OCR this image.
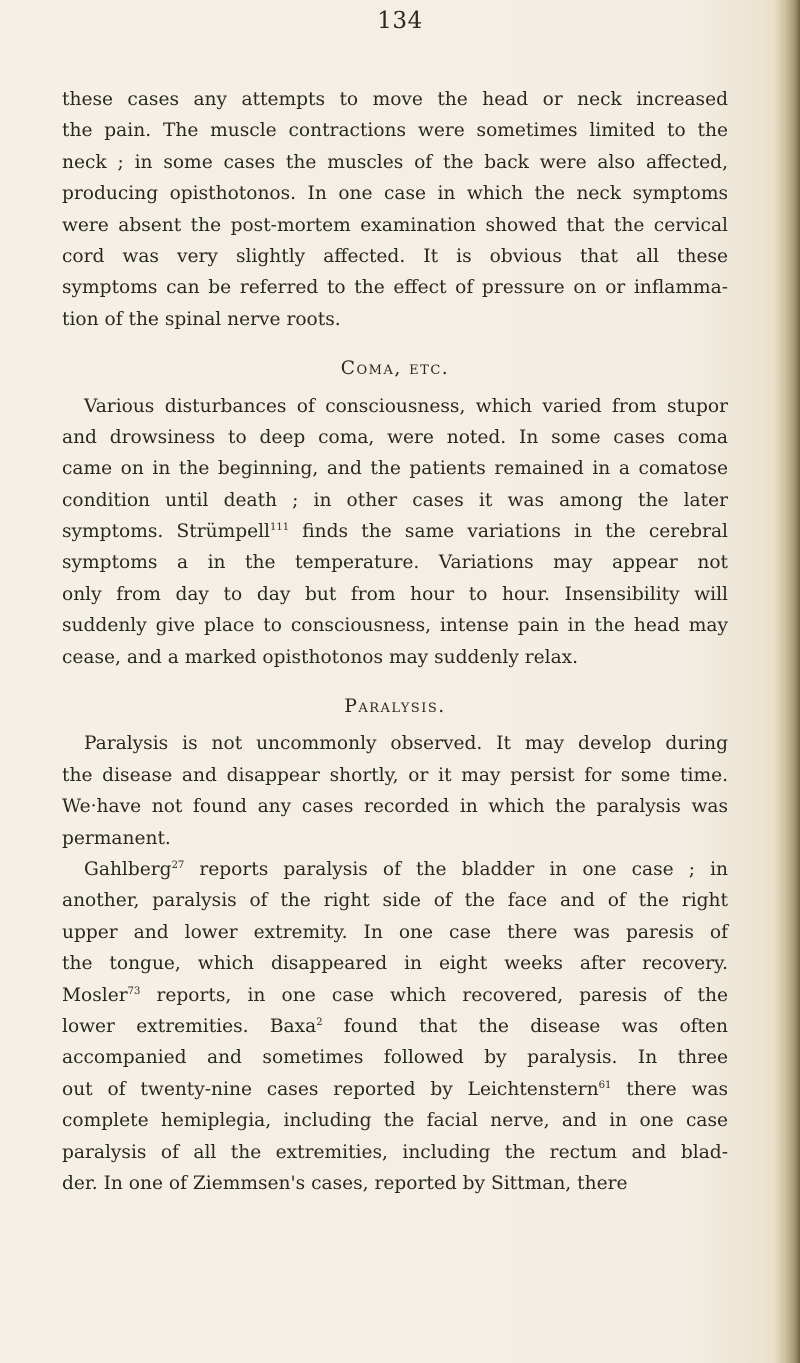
134
these cases any attempts to move the head or neck increased
the pain. The muscle contractions were sometimes limited to the
neck ; in some cases the muscles of the back were also affected,
producing opisthotonos. In one case in which the neck symptoms
were absent the post-mortem examination showed that the cervical
cord was very slightly affected. It is obvious that all these
symptoms can be referred to the effect of pressure on or inflamma-
tion of the spinal nerve roots.
Coma, etc.
Various disturbances of consciousness, which varied from stupor
and drowsiness to deep coma, were noted. In some cases coma
came on in the beginning, and the patients remained in a comatose
condition until death ; in other cases it was among the later
symptoms. Strümpell$^{111}$ finds the same variations in the cerebral
symptoms a in the temperature. Variations may appear not
only from day to day but from hour to hour. Insensibility will
suddenly give place to consciousness, intense pain in the head may
cease, and a marked opisthotonos may suddenly relax.
Paralysis.
Paralysis is not uncommonly observed. It may develop during
the disease and disappear shortly, or it may persist for some time.
We·have not found any cases recorded in which the paralysis was
permanent.
Gahlberg$^{27}$ reports paralysis of the bladder in one case ; in
another, paralysis of the right side of the face and of the right
upper and lower extremity. In one case there was paresis of
the tongue, which disappeared in eight weeks after recovery.
Mosler$^{73}$ reports, in one case which recovered, paresis of the
lower extremities. Baxa$^2$ found that the disease was often
accompanied and sometimes followed by paralysis. In three
out of twenty-nine cases reported by Leichtenstern$^{61}$ there was
complete hemiplegia, including the facial nerve, and in one case
paralysis of all the extremities, including the rectum and blad-
der. In one of Ziemmsen's cases, reported by Sittman, there
